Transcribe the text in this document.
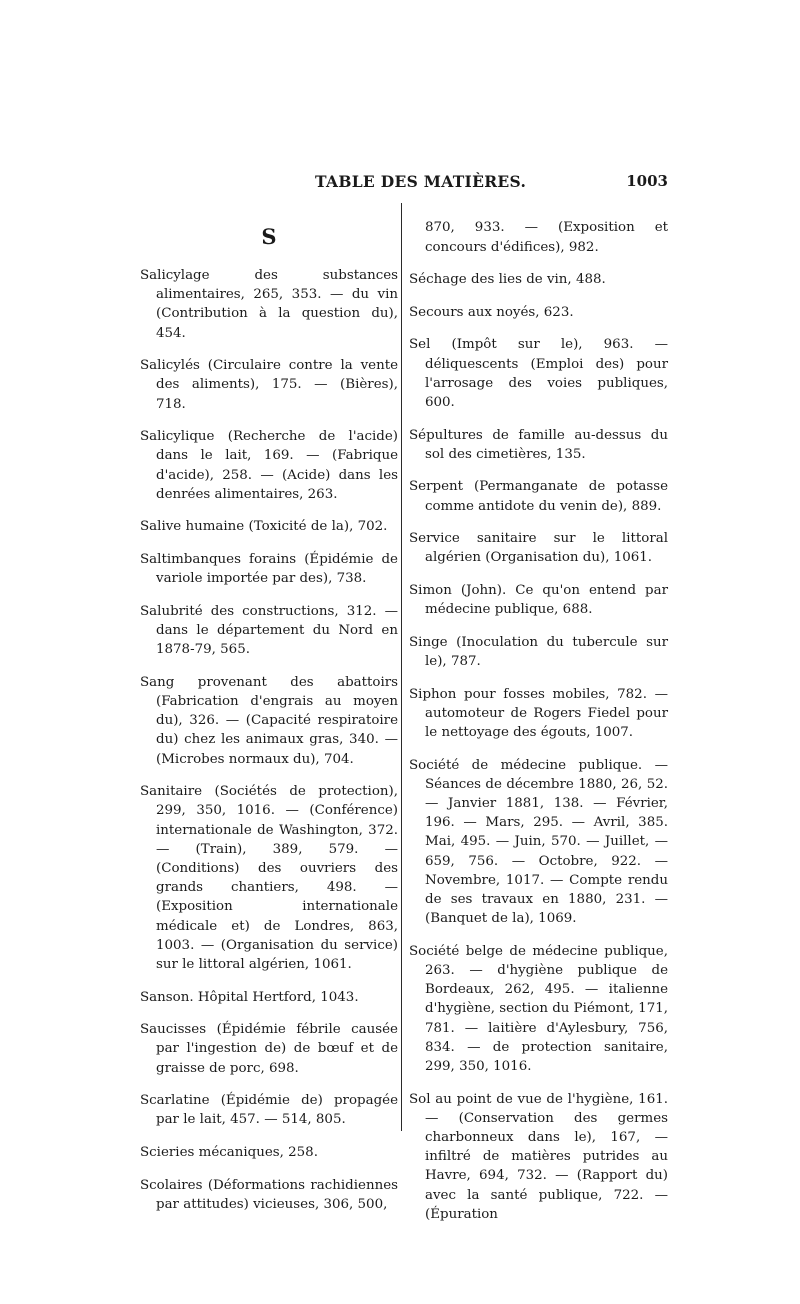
TABLE DES MATIÈRES.	1003
S

Salicylage des substances alimentaires, 265, 353. — du vin (Contribution à la question du), 454.

Salicylés (Circulaire contre la vente des aliments), 175. — (Bières), 718.

Salicylique (Recherche de l'acide) dans le lait, 169. — (Fabrique d'acide), 258. — (Acide) dans les denrées alimentaires, 263.

Salive humaine (Toxicité de la), 702.

Saltimbanques forains (Épidémie de variole importée par des), 738.

Salubrité des constructions, 312. — dans le département du Nord en 1878-79, 565.

Sang provenant des abattoirs (Fabrication d'engrais au moyen du), 326. — (Capacité respiratoire du) chez les animaux gras, 340. — (Microbes normaux du), 704.

Sanitaire (Sociétés de protection), 299, 350, 1016. — (Conférence) internationale de Washington, 372. — (Train), 389, 579. — (Conditions) des ouvriers des grands chantiers, 498. — (Exposition internationale médicale et) de Londres, 863, 1003. — (Organisation du service) sur le littoral algérien, 1061.

Sanson. Hôpital Hertford, 1043.

Saucisses (Épidémie fébrile causée par l'ingestion de) de bœuf et de graisse de porc, 698.

Scarlatine (Épidémie de) propagée par le lait, 457. — 514, 805.

Scieries mécaniques, 258.

Scolaires (Déformations rachidiennes par attitudes) vicieuses, 306, 500,

870, 933. — (Exposition et concours d'édifices), 982.

Séchage des lies de vin, 488.

Secours aux noyés, 623.

Sel (Impôt sur le), 963. — déliquescents (Emploi des) pour l'arrosage des voies publiques, 600.

Sépultures de famille au-dessus du sol des cimetières, 135.

Serpent (Permanganate de potasse comme antidote du venin de), 889.

Service sanitaire sur le littoral algérien (Organisation du), 1061.

Simon (John). Ce qu'on entend par médecine publique, 688.

Singe (Inoculation du tubercule sur le), 787.

Siphon pour fosses mobiles, 782. — automoteur de Rogers Fiedel pour le nettoyage des égouts, 1007.

Société de médecine publique. — Séances de décembre 1880, 26, 52. — Janvier 1881, 138. — Février, 196. — Mars, 295. — Avril, 385. Mai, 495. — Juin, 570. — Juillet, — 659, 756. — Octobre, 922. — Novembre, 1017. — Compte rendu de ses travaux en 1880, 231. — (Banquet de la), 1069.

Société belge de médecine publique, 263. — d'hygiène publique de Bordeaux, 262, 495. — italienne d'hygiène, section du Piémont, 171, 781. — laitière d'Aylesbury, 756, 834. — de protection sanitaire, 299, 350, 1016.

Sol au point de vue de l'hygiène, 161. — (Conservation des germes charbonneux dans le), 167, — infiltré de matières putrides au Havre, 694, 732. — (Rapport du) avec la santé publique, 722. — (Épuration
